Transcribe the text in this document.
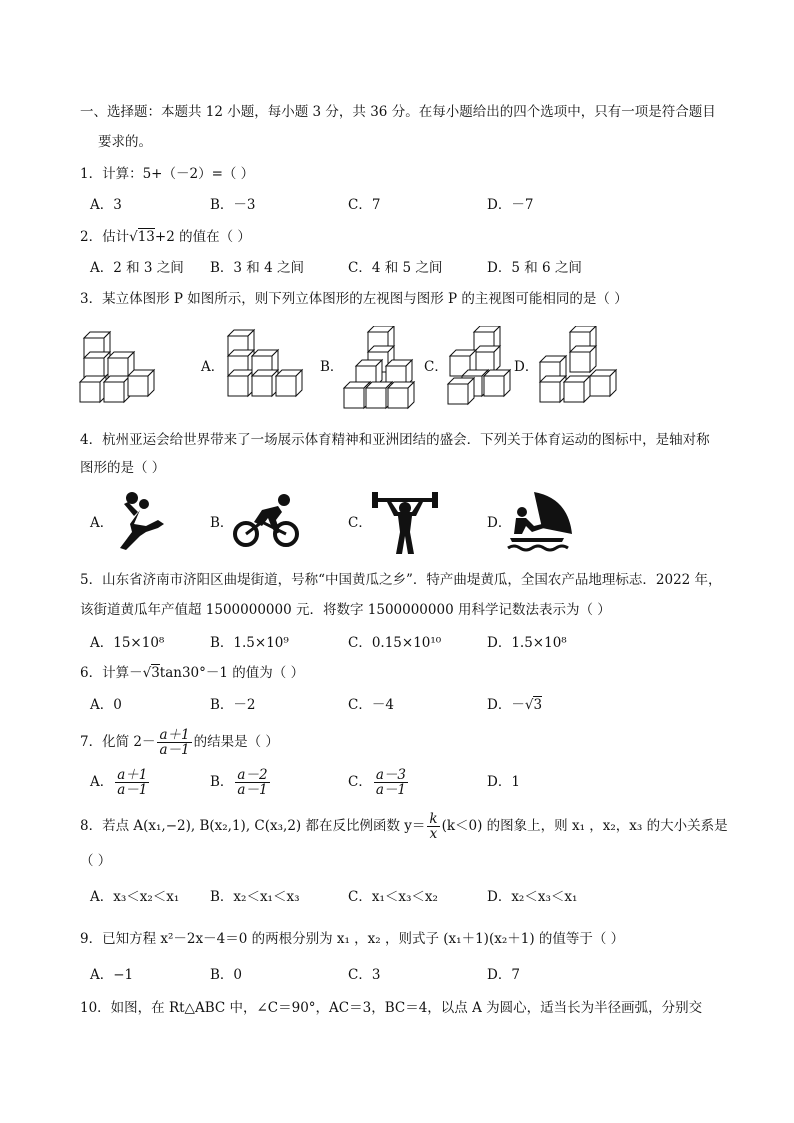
一、选择题：本题共 12 小题，每小题 3 分，共 36 分。在每小题给出的四个选项中，只有一项是符合题目
要求的。
1．计算：5+（－2）=（ ）
A．3	B．－3	C．7	D．－7
2．估计√13+2 的值在（ ）
A．2 和 3 之间 B．3 和 4 之间	C．4 和 5 之间	D．5 和 6 之间
3．某立体图形 P 如图所示，则下列立体图形的左视图与图形 P 的主视图可能相同的是（ ）
A．	B．	C．	D．
4．杭州亚运会给世界带来了一场展示体育精神和亚洲团结的盛会．下列关于体育运动的图标中，是轴对称
图形的是（ ）
A．	B．	C．	D．
5．山东省济南市济阳区曲堤街道，号称“中国黄瓜之乡”．特产曲堤黄瓜，全国农产品地理标志．2022 年，
该街道黄瓜年产值超 1500000000 元．将数字 1500000000 用科学记数法表示为（ ）
A．15×10⁸	B．1.5×10⁹	C．0.15×10¹⁰	D．1.5×10⁸
6．计算－√3tan30°－1 的值为（ ）
A．0	B．－2	C．－4	D．－√3
7．化简 $2- \frac{a+1}{a-1}$ 的结果是（ ）
A． $\frac{a+1}{a-1}$	B． $\frac{a-2}{a-1}$	C． $\frac{a-3}{a-1}$	D．1
8．若点 A(x₁,−2), B(x₂,1), C(x₃,2) 都在反比例函数 $y= \frac{k}{x} (k<0)$ 的图象上，则 x₁ ，x₂，x₃ 的大小关系是
（ ）
A．x₃＜x₂＜x₁ B．x₂＜x₁＜x₃	C．x₁＜x₃＜x₂	D．x₂＜x₃＜x₁
9．已知方程 x²－2x－4＝0 的两根分别为 x₁ ，x₂ ，则式子 (x₁＋1)(x₂＋1) 的值等于（ ）
A．−1	B．0	C．3	D．7
10．如图，在 Rt△ABC 中，∠C＝90°，AC＝3，BC＝4，以点 A 为圆心，适当长为半径画弧，分别交
